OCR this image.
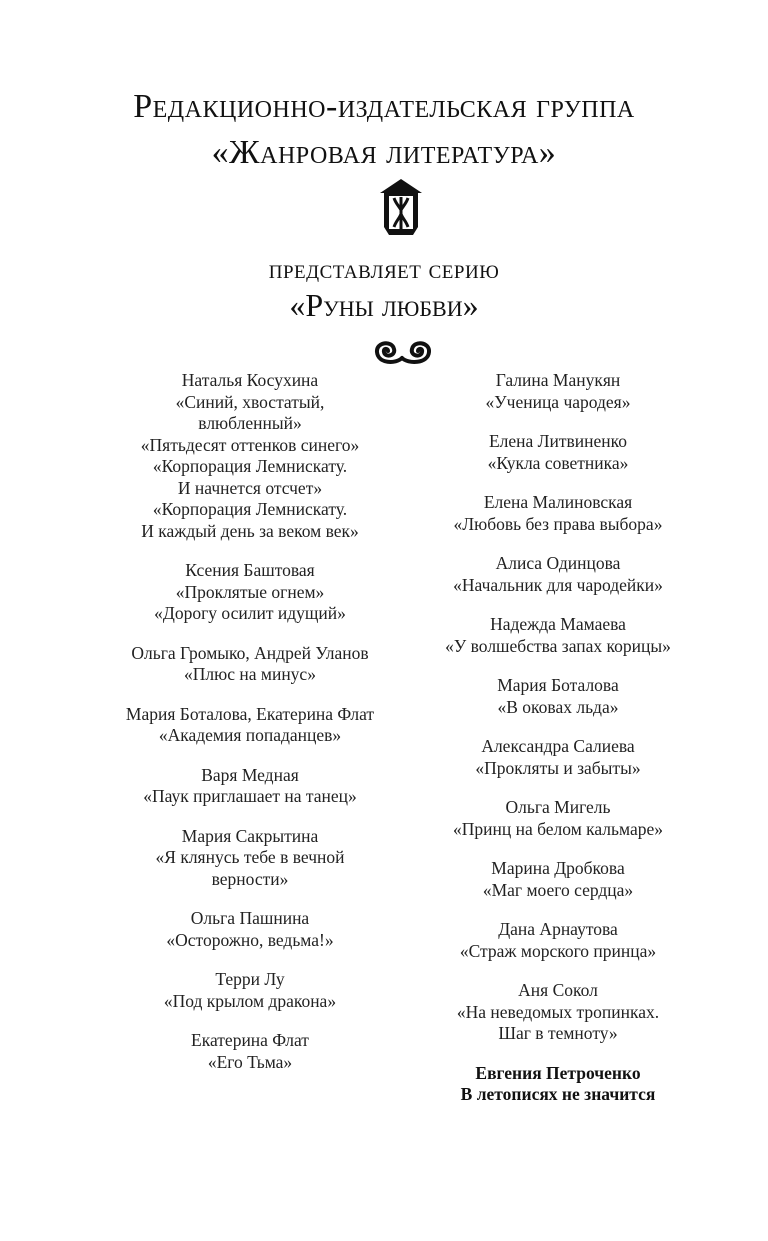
Редакционно-издательская группа
«Жанровая литература»
представляет серию
«Руны любви»
Наталья Косухина
«Синий, хвостатый,
влюбленный»
«Пятьдесят оттенков синего»
«Корпорация Лемнискату.
И начнется отсчет»
«Корпорация Лемнискату.
И каждый день за веком век»
Ксения Баштовая
«Проклятые огнем»
«Дорогу осилит идущий»
Ольга Громыко, Андрей Уланов
«Плюс на минус»
Мария Боталова, Екатерина Флат
«Академия попаданцев»
Варя Медная
«Паук приглашает на танец»
Мария Сакрытина
«Я клянусь тебе в вечной
верности»
Ольга Пашнина
«Осторожно, ведьма!»
Терри Лу
«Под крылом дракона»
Екатерина Флат
«Его Тьма»
Галина Манукян
«Ученица чародея»
Елена Литвиненко
«Кукла советника»
Елена Малиновская
«Любовь без права выбора»
Алиса Одинцова
«Начальник для чародейки»
Надежда Мамаева
«У волшебства запах корицы»
Мария Боталова
«В оковах льда»
Александра Салиева
«Прокляты и забыты»
Ольга Мигель
«Принц на белом кальмаре»
Марина Дробкова
«Маг моего сердца»
Дана Арнаутова
«Страж морского принца»
Аня Сокол
«На неведомых тропинках.
Шаг в темноту»
Евгения Петроченко
В летописях не значится
